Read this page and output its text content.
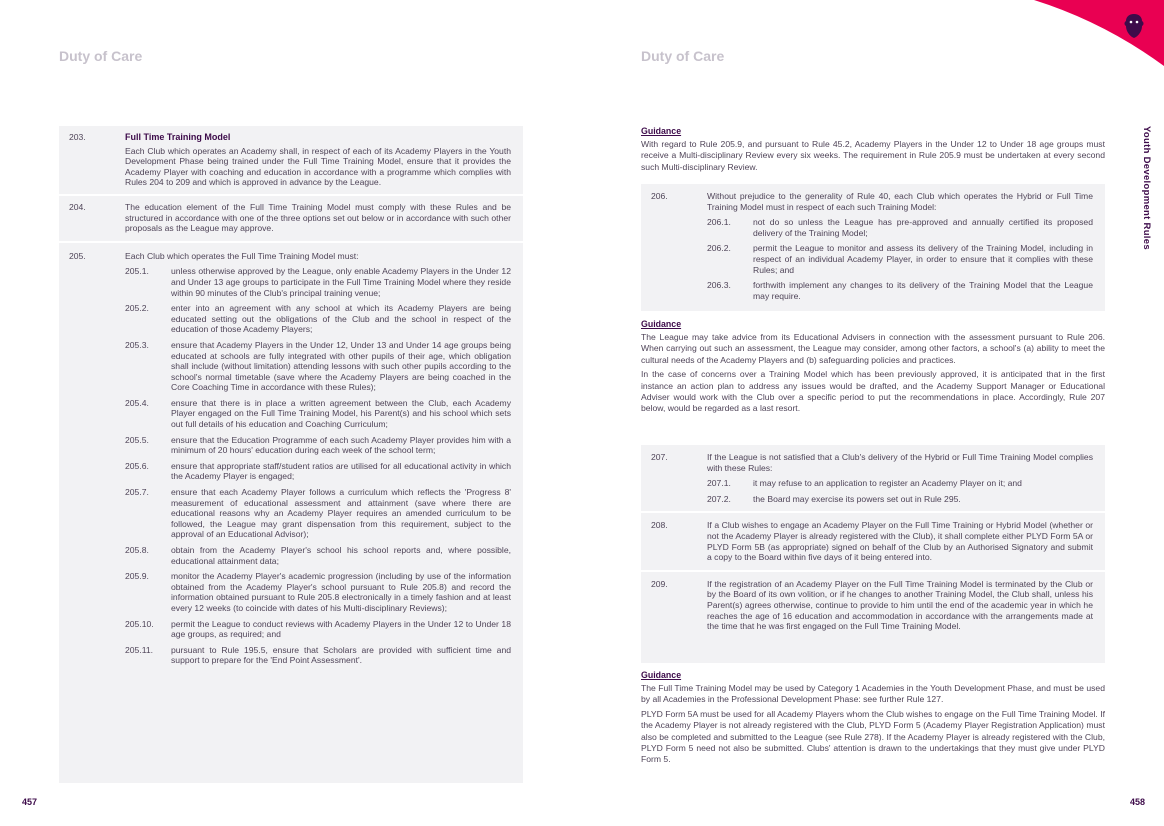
Duty of Care
203.	Full Time Training Model
Each Club which operates an Academy shall, in respect of each of its Academy Players in the Youth Development Phase being trained under the Full Time Training Model, ensure that it provides the Academy Player with coaching and education in accordance with a programme which complies with Rules 204 to 209 and which is approved in advance by the League.
204.	The education element of the Full Time Training Model must comply with these Rules and be structured in accordance with one of the three options set out below or in accordance with such other proposals as the League may approve.
205.	Each Club which operates the Full Time Training Model must:
205.1.	unless otherwise approved by the League, only enable Academy Players in the Under 12 and Under 13 age groups to participate in the Full Time Training Model where they reside within 90 minutes of the Club's principal training venue;
205.2.	enter into an agreement with any school at which its Academy Players are being educated setting out the obligations of the Club and the school in respect of the education of those Academy Players;
205.3.	ensure that Academy Players in the Under 12, Under 13 and Under 14 age groups being educated at schools are fully integrated with other pupils of their age, which obligation shall include (without limitation) attending lessons with such other pupils according to the school's normal timetable (save where the Academy Players are being coached in the Core Coaching Time in accordance with these Rules);
205.4.	ensure that there is in place a written agreement between the Club, each Academy Player engaged on the Full Time Training Model, his Parent(s) and his school which sets out full details of his education and Coaching Curriculum;
205.5.	ensure that the Education Programme of each such Academy Player provides him with a minimum of 20 hours' education during each week of the school term;
205.6.	ensure that appropriate staff/student ratios are utilised for all educational activity in which the Academy Player is engaged;
205.7.	ensure that each Academy Player follows a curriculum which reflects the 'Progress 8' measurement of educational assessment and attainment (save where there are educational reasons why an Academy Player requires an amended curriculum to be followed, the League may grant dispensation from this requirement, subject to the approval of an Educational Advisor);
205.8.	obtain from the Academy Player's school his school reports and, where possible, educational attainment data;
205.9.	monitor the Academy Player's academic progression (including by use of the information obtained from the Academy Player's school pursuant to Rule 205.8) and record the information obtained pursuant to Rule 205.8 electronically in a timely fashion and at least every 12 weeks (to coincide with dates of his Multi-disciplinary Reviews);
205.10. permit the League to conduct reviews with Academy Players in the Under 12 to Under 18 age groups, as required; and
205.11. pursuant to Rule 195.5, ensure that Scholars are provided with sufficient time and support to prepare for the 'End Point Assessment'.
457
Duty of Care
Youth Development Rules
Guidance
With regard to Rule 205.9, and pursuant to Rule 45.2, Academy Players in the Under 12 to Under 18 age groups must receive a Multi-disciplinary Review every six weeks. The requirement in Rule 205.9 must be undertaken at every second such Multi-disciplinary Review.
206.	Without prejudice to the generality of Rule 40, each Club which operates the Hybrid or Full Time Training Model must in respect of each such Training Model:
206.1.	not do so unless the League has pre-approved and annually certified its proposed delivery of the Training Model;
206.2.	permit the League to monitor and assess its delivery of the Training Model, including in respect of an individual Academy Player, in order to ensure that it complies with these Rules; and
206.3.	forthwith implement any changes to its delivery of the Training Model that the League may require.
Guidance
The League may take advice from its Educational Advisers in connection with the assessment pursuant to Rule 206. When carrying out such an assessment, the League may consider, among other factors, a school's (a) ability to meet the cultural needs of the Academy Players and (b) safeguarding policies and practices.
In the case of concerns over a Training Model which has been previously approved, it is anticipated that in the first instance an action plan to address any issues would be drafted, and the Academy Support Manager or Educational Adviser would work with the Club over a specific period to put the recommendations in place. Accordingly, Rule 207 below, would be regarded as a last resort.
207.	If the League is not satisfied that a Club's delivery of the Hybrid or Full Time Training Model complies with these Rules:
207.1.	it may refuse to an application to register an Academy Player on it; and
207.2.	the Board may exercise its powers set out in Rule 295.
208.	If a Club wishes to engage an Academy Player on the Full Time Training or Hybrid Model (whether or not the Academy Player is already registered with the Club), it shall complete either PLYD Form 5A or PLYD Form 5B (as appropriate) signed on behalf of the Club by an Authorised Signatory and submit a copy to the Board within five days of it being entered into.
209.	If the registration of an Academy Player on the Full Time Training Model is terminated by the Club or by the Board of its own volition, or if he changes to another Training Model, the Club shall, unless his Parent(s) agrees otherwise, continue to provide to him until the end of the academic year in which he reaches the age of 16 education and accommodation in accordance with the arrangements made at the time that he was first engaged on the Full Time Training Model.
Guidance
The Full Time Training Model may be used by Category 1 Academies in the Youth Development Phase, and must be used by all Academies in the Professional Development Phase: see further Rule 127.
PLYD Form 5A must be used for all Academy Players whom the Club wishes to engage on the Full Time Training Model. If the Academy Player is not already registered with the Club, PLYD Form 5 (Academy Player Registration Application) must also be completed and submitted to the League (see Rule 278). If the Academy Player is already registered with the Club, PLYD Form 5 need not also be submitted. Clubs' attention is drawn to the undertakings that they must give under PLYD Form 5.
458
